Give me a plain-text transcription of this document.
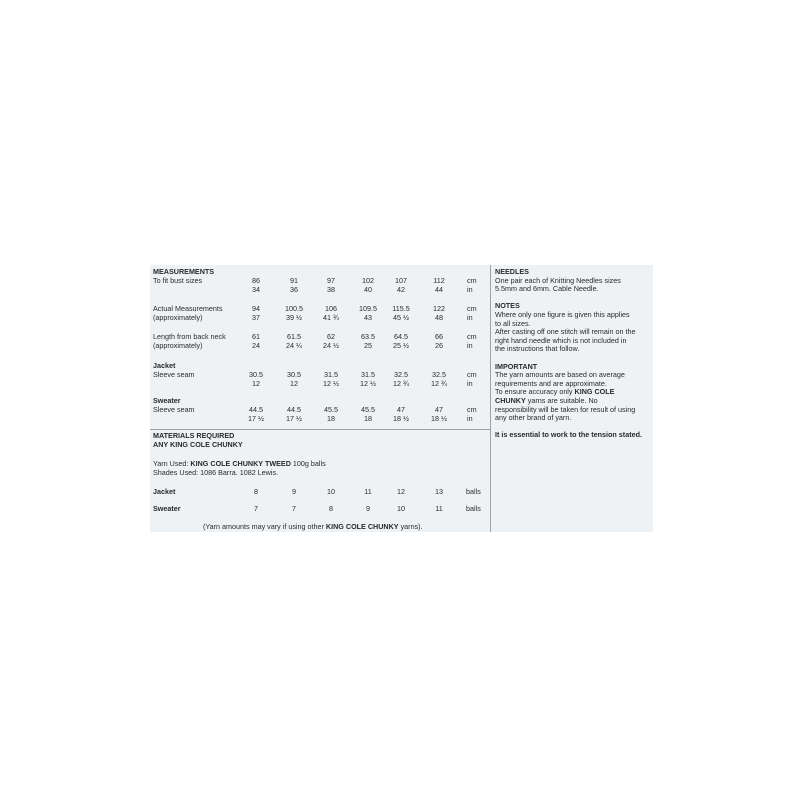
MEASUREMENTS
To fit bust sizes	86	91	97	102	107	112	cm
34	36	38	40	42	44	in
Actual Measurements
(approximately)
94	100.5	106	109.5	115.5	122	cm
37	39 ½	41 ¾	43	45 ½	48	in
Length from back neck
(approximately)
61	61.5	62	63.5	64.5	66	cm
24	24 ¼	24 ½	25	25 ½	26	in
Jacket
Sleeve seam	30.5	30.5	31.5	31.5	32.5	32.5	cm
12	12	12 ½	12 ½	12 ¾	12 ¾	in
Sweater
Sleeve seam	44.5	44.5	45.5	45.5	47	47	cm
17 ½	17 ½	18	18	18 ½	18 ½	in
MATERIALS REQUIRED
ANY KING COLE CHUNKY
Yarn Used: KING COLE CHUNKY TWEED 100g balls
Shades Used: 1086 Barra. 1082 Lewis.
Jacket	8	9	10	11	12	13	balls
Sweater	7	7	8	9	10	11	balls
(Yarn amounts may vary if using other KING COLE CHUNKY yarns).

NEEDLES

One pair each of Knitting Needles sizes

5.5mm and 6mm. Cable Needle.

NOTES

Where only one figure is given this applies

to all sizes.

After casting off one stitch will remain on the

right hand needle which is not included in

the instructions that follow.

IMPORTANT

The yarn amounts are based on average

requirements and are approximate.

To ensure accuracy only KING COLE

CHUNKY yarns are suitable. No

responsibility will be taken for result of using

any other brand of yarn.

It is essential to work to the tension stated.
